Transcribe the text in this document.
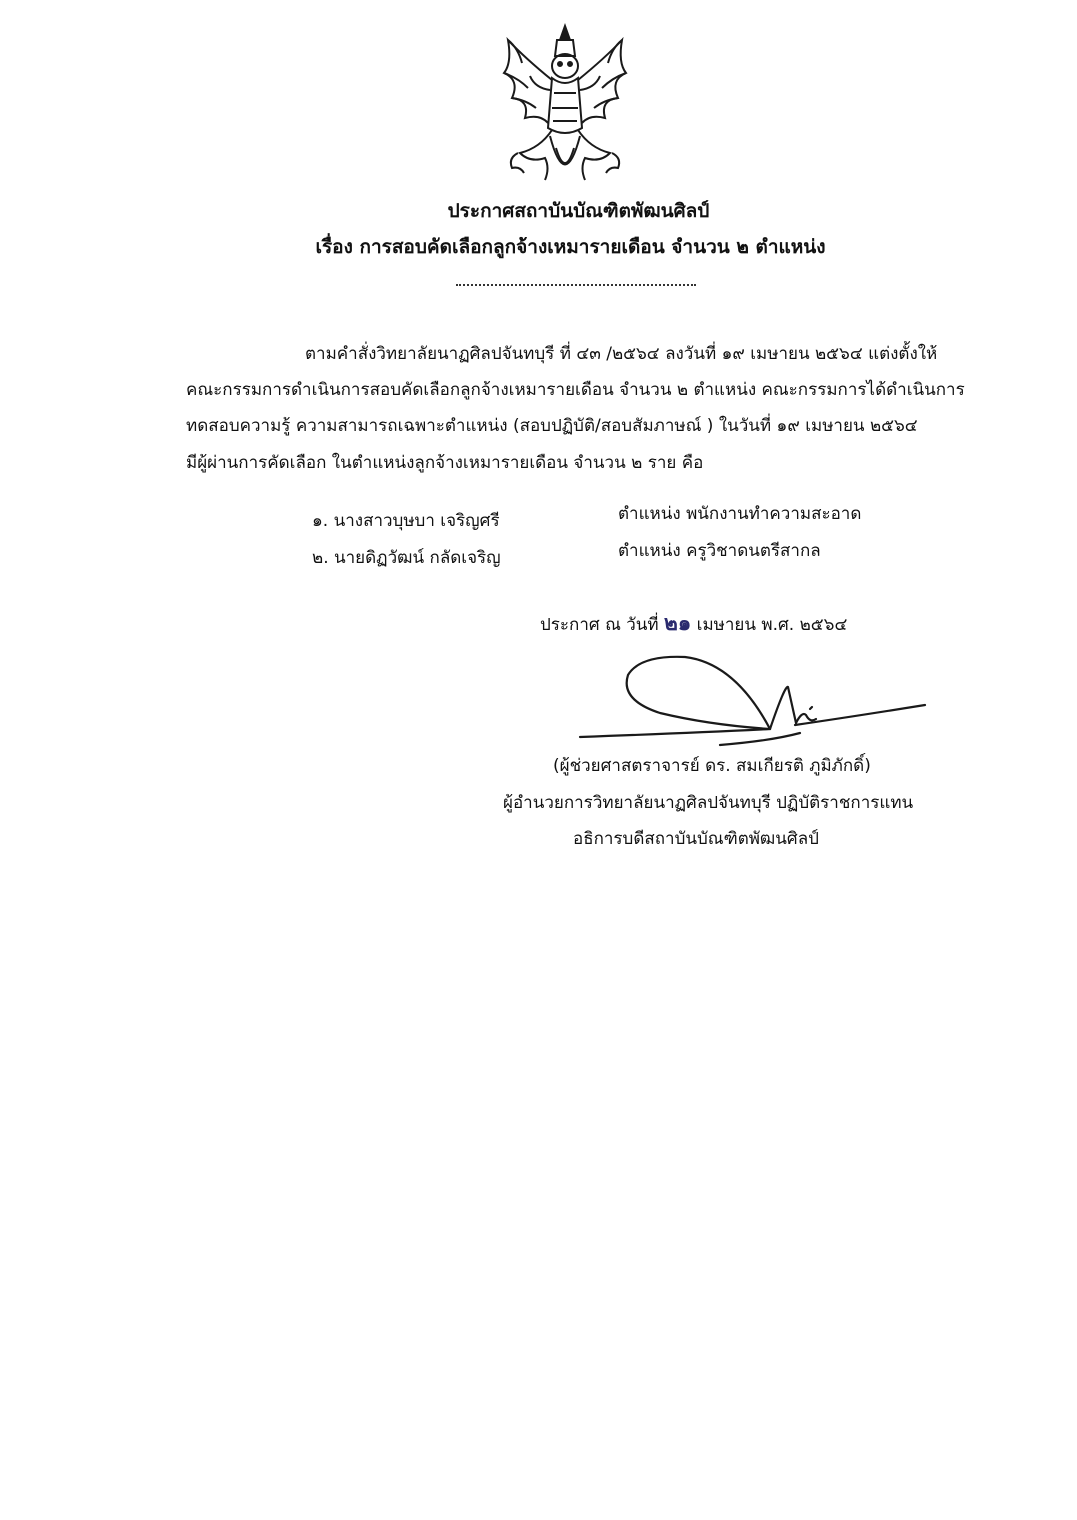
ประกาศสถาบันบัณฑิตพัฒนศิลป์
เรื่อง การสอบคัดเลือกลูกจ้างเหมารายเดือน จำนวน ๒ ตำแหน่ง
ตามคำสั่งวิทยาลัยนาฏศิลปจันทบุรี ที่ ๔๓ /๒๕๖๔ ลงวันที่ ๑๙ เมษายน ๒๕๖๔ แต่งตั้งให้
คณะกรรมการดำเนินการสอบคัดเลือกลูกจ้างเหมารายเดือน จำนวน ๒ ตำแหน่ง คณะกรรมการได้ดำเนินการ
ทดสอบความรู้ ความสามารถเฉพาะตำแหน่ง (สอบปฏิบัติ/สอบสัมภาษณ์ ) ในวันที่ ๑๙ เมษายน ๒๕๖๔
มีผู้ผ่านการคัดเลือก ในตำแหน่งลูกจ้างเหมารายเดือน จำนวน ๒ ราย คือ
๑. นางสาวบุษบา เจริญศรี	ตำแหน่ง พนักงานทำความสะอาด
๒. นายดิฏวัฒน์ กลัดเจริญ	ตำแหน่ง ครูวิชาดนตรีสากล
ประกาศ ณ วันที่ ๒๑ เมษายน พ.ศ. ๒๕๖๔
(ผู้ช่วยศาสตราจารย์ ดร. สมเกียรติ ภูมิภักดิ์)
ผู้อำนวยการวิทยาลัยนาฏศิลปจันทบุรี ปฏิบัติราชการแทน
อธิการบดีสถาบันบัณฑิตพัฒนศิลป์
